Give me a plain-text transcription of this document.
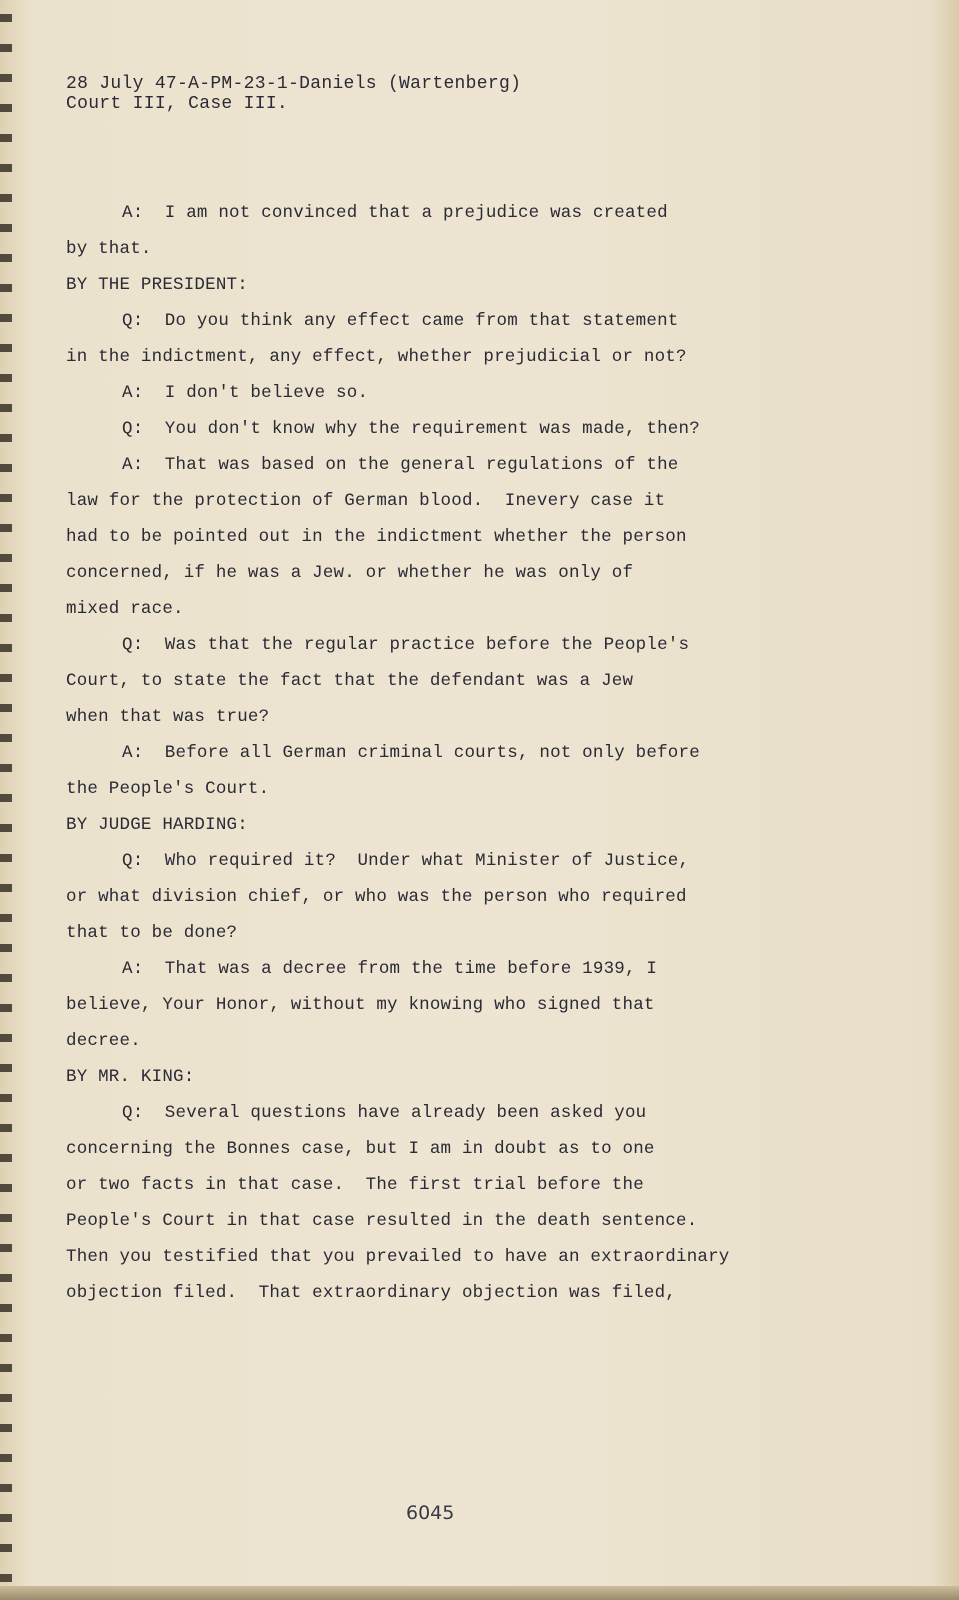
28 July 47-A-PM-23-1-Daniels (Wartenberg)
Court III, Case III.
A:  I am not convinced that a prejudice was created
by that.
BY THE PRESIDENT:
Q:  Do you think any effect came from that statement
in the indictment, any effect, whether prejudicial or not?
A:  I don't believe so.
Q:  You don't know why the requirement was made, then?
A:  That was based on the general regulations of the
law for the protection of German blood.  Inevery case it
had to be pointed out in the indictment whether the person
concerned, if he was a Jew. or whether he was only of
mixed race.
Q:  Was that the regular practice before the People's
Court, to state the fact that the defendant was a Jew
when that was true?
A:  Before all German criminal courts, not only before
the People's Court.
BY JUDGE HARDING:
Q:  Who required it?  Under what Minister of Justice,
or what division chief, or who was the person who required
that to be done?
A:  That was a decree from the time before 1939, I
believe, Your Honor, without my knowing who signed that
decree.
BY MR. KING:
Q:  Several questions have already been asked you
concerning the Bonnes case, but I am in doubt as to one
or two facts in that case.  The first trial before the
People's Court in that case resulted in the death sentence.
Then you testified that you prevailed to have an extraordinary
objection filed.  That extraordinary objection was filed,
6045
